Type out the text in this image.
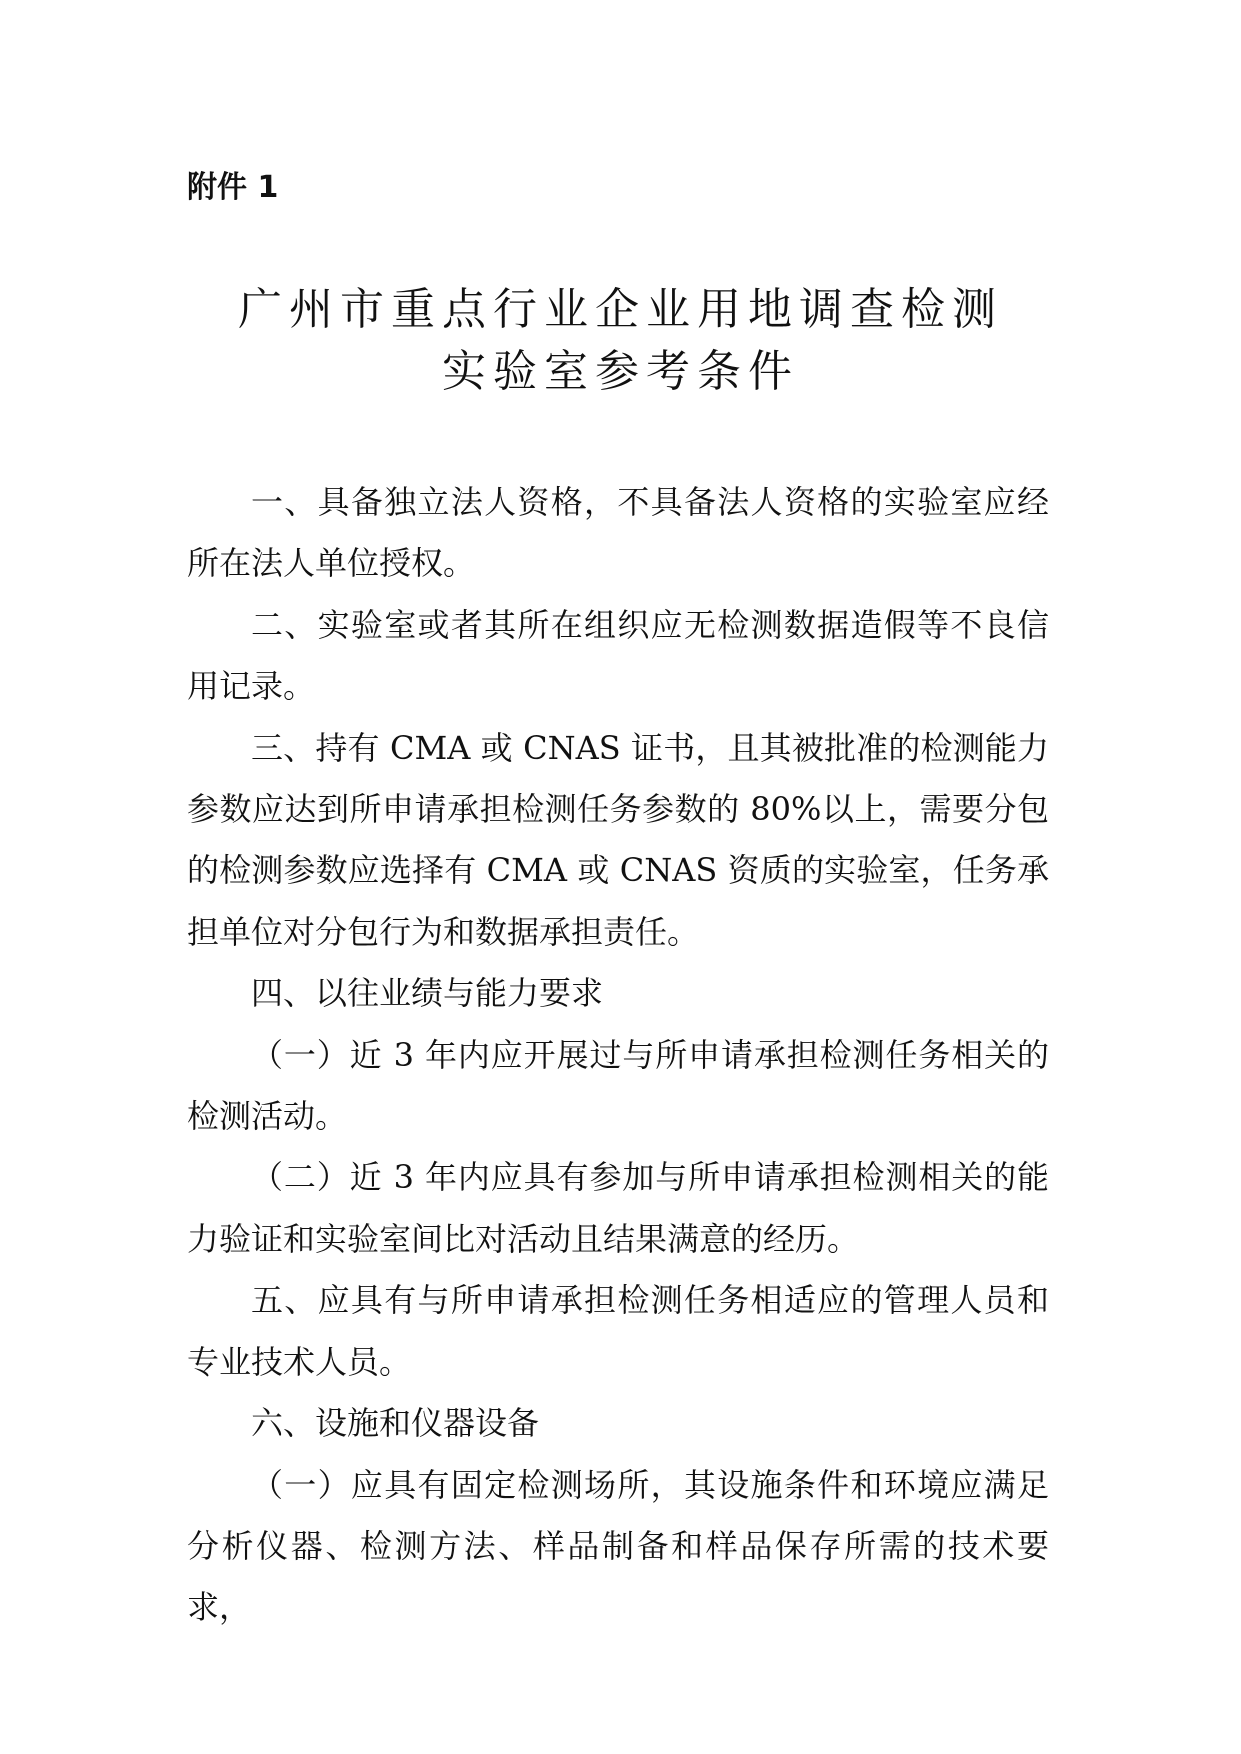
附件 1
广州市重点行业企业用地调查检测
实验室参考条件

一、具备独立法人资格，不具备法人资格的实验室应经所在法人单位授权。

二、实验室或者其所在组织应无检测数据造假等不良信用记录。

三、持有 CMA 或 CNAS 证书，且其被批准的检测能力参数应达到所申请承担检测任务参数的 80%以上，需要分包的检测参数应选择有 CMA 或 CNAS 资质的实验室，任务承担单位对分包行为和数据承担责任。

四、以往业绩与能力要求

（一）近 3 年内应开展过与所申请承担检测任务相关的检测活动。

（二）近 3 年内应具有参加与所申请承担检测相关的能力验证和实验室间比对活动且结果满意的经历。

五、应具有与所申请承担检测任务相适应的管理人员和专业技术人员。

六、设施和仪器设备

（一）应具有固定检测场所，其设施条件和环境应满足分析仪器、检测方法、样品制备和样品保存所需的技术要求，
